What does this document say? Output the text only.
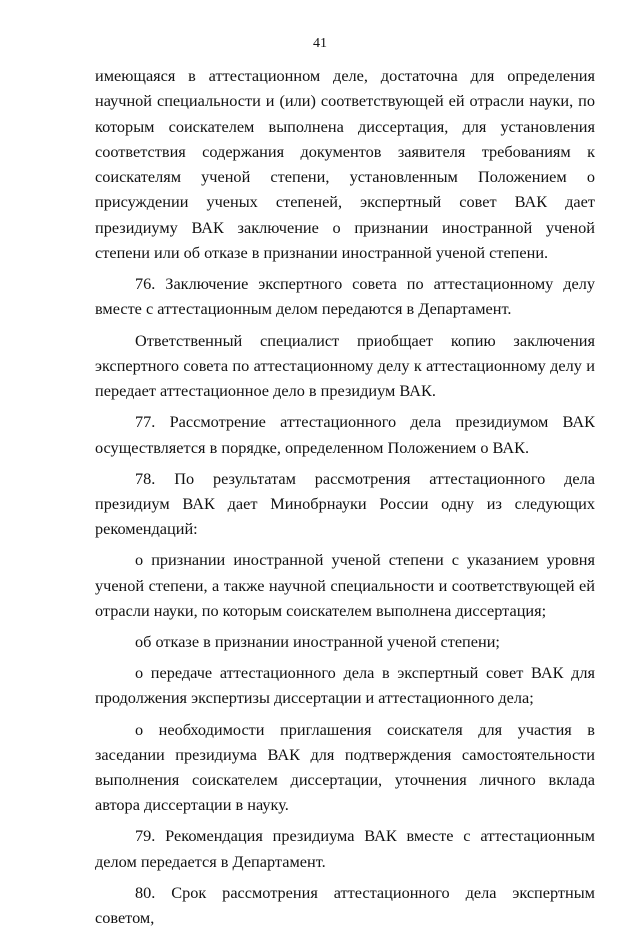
41

имеющаяся в аттестационном деле, достаточна для определения научной специальности и (или) соответствующей ей отрасли науки, по которым соискателем выполнена диссертация, для установления соответствия содержания документов заявителя требованиям к соискателям ученой степени, установленным Положением о присуждении ученых степеней, экспертный совет ВАК дает президиуму ВАК заключение о признании иностранной ученой степени или об отказе в признании иностранной ученой степени.

76. Заключение экспертного совета по аттестационному делу вместе с аттестационным делом передаются в Департамент.

Ответственный специалист приобщает копию заключения экспертного совета по аттестационному делу к аттестационному делу и передает аттестационное дело в президиум ВАК.

77. Рассмотрение аттестационного дела президиумом ВАК осуществляется в порядке, определенном Положением о ВАК.

78. По результатам рассмотрения аттестационного дела президиум ВАК дает Минобрнауки России одну из следующих рекомендаций:

о признании иностранной ученой степени с указанием уровня ученой степени, а также научной специальности и соответствующей ей отрасли науки, по которым соискателем выполнена диссертация;

об отказе в признании иностранной ученой степени;

о передаче аттестационного дела в экспертный совет ВАК для продолжения экспертизы диссертации и аттестационного дела;

о необходимости приглашения соискателя для участия в заседании президиума ВАК для подтверждения самостоятельности выполнения соискателем диссертации, уточнения личного вклада автора диссертации в науку.

79. Рекомендация президиума ВАК вместе с аттестационным делом передается в Департамент.

80. Срок рассмотрения аттестационного дела экспертным советом,
